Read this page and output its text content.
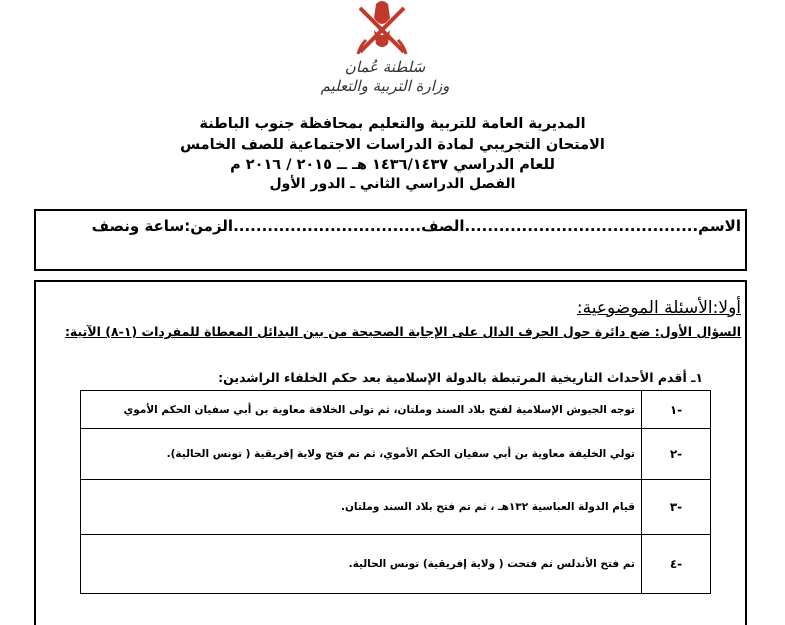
سَلطنة عُمان
وزارة التربية والتعليم
المديرية العامة للتربية والتعليم بمحافظة جنوب الباطنة
الامتحان التجريبي لمادة الدراسات الاجتماعية للصف الخامس
للعام الدراسي ١٤٣٦/١٤٣٧ هـ ــ ٢٠١٥ / ٢٠١٦ م
الفصل الدراسي الثاني ـ الدور الأول
الاسم.........................................الصف.................................الزمن:ساعة ونصف
أولا:الأسئلة الموضوعية:
السؤال الأول: ضع دائرة حول الحرف الدال على الإجابة الصحيحة من بين البدائل المعطاة للمفردات (١-٨) الآتية:
١ـ أقدم الأحداث التاريخية المرتبطة بالدولة الإسلامية بعد حكم الخلفاء الراشدين:
-١	توجه الجيوش الإسلامية لفتح بلاد السند وملتان، ثم تولى الخلافة معاوية بن أبي سفيان الحكم الأموي
-٢	تولي الخليفة معاوية بن أبي سفيان الحكم الأموي، ثم تم فتح ولاية إفريقية ( تونس الحالية).
-٣	قيام الدولة العباسية ١٣٢هـ ، ثم تم فتح بلاد السند وملتان.
-٤	تم فتح الأندلس ثم فتحت ( ولاية إفريقية) تونس الحالية.
